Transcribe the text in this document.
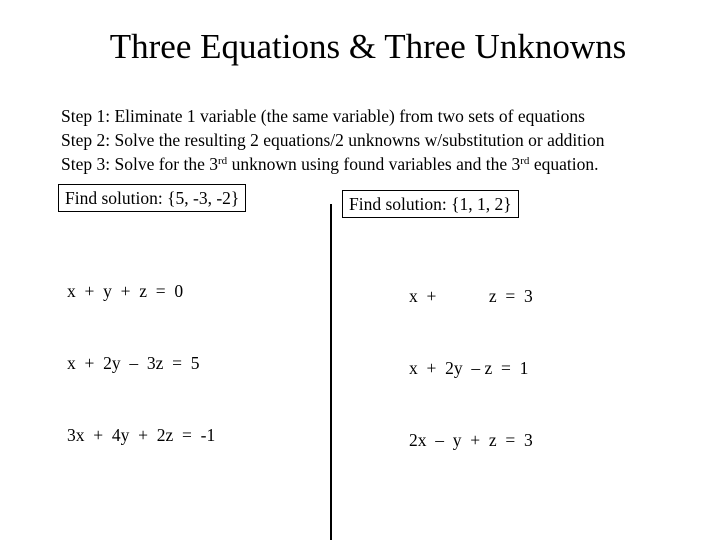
Three Equations & Three Unknowns
Step 1: Eliminate 1 variable (the same variable) from two sets of equations
Step 2: Solve the resulting 2 equations/2 unknowns w/substitution or addition
Step 3: Solve for the 3rd unknown using found variables and the 3rd equation.
Find solution: {5, -3, -2}	Find solution: {1, 1, 2}

x  +  y  +  z  =  0

x  +  2y  –  3z  =  5

3x  +  4y  +  2z  =  -1

x  +            z  =  3

x  +  2y  – z  =  1

2x  –  y  +  z  =  3
